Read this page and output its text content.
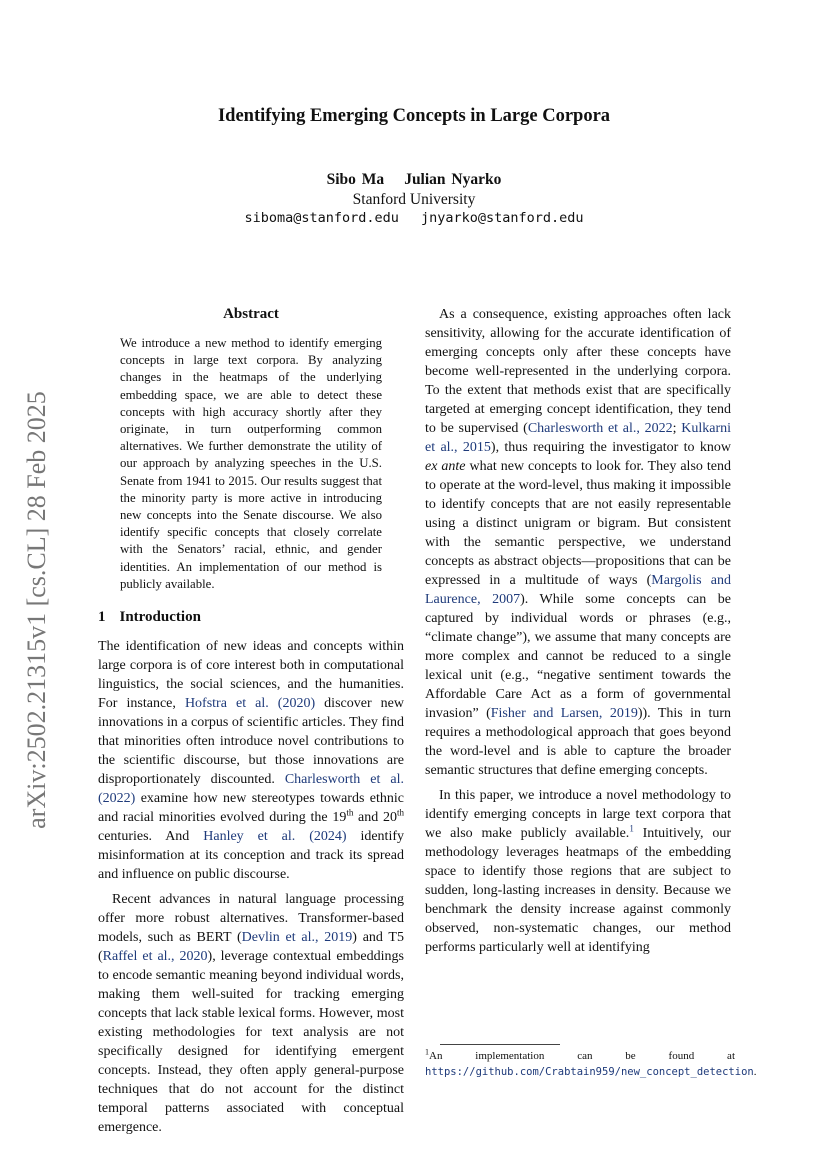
Identifying Emerging Concepts in Large Corpora
Sibo Ma Julian Nyarko
Stanford University
siboma@stanford.edu jnyarko@stanford.edu
arXiv:2502.21315v1 [cs.CL] 28 Feb 2025
Abstract
We introduce a new method to identify emerging concepts in large text corpora. By analyzing changes in the heatmaps of the underlying embedding space, we are able to detect these concepts with high accuracy shortly after they originate, in turn outperforming common alternatives. We further demonstrate the utility of our approach by analyzing speeches in the U.S. Senate from 1941 to 2015. Our results suggest that the minority party is more active in introducing new concepts into the Senate discourse. We also identify specific concepts that closely correlate with the Senators’ racial, ethnic, and gender identities. An implementation of our method is publicly available.
1 Introduction

The identification of new ideas and concepts within large corpora is of core interest both in computational linguistics, the social sciences, and the humanities. For instance, Hofstra et al. (2020) discover new innovations in a corpus of scientific articles. They find that minorities often introduce novel contributions to the scientific discourse, but those innovations are disproportionately discounted. Charlesworth et al. (2022) examine how new stereotypes towards ethnic and racial minorities evolved during the 19th and 20th centuries. And Hanley et al. (2024) identify misinformation at its conception and track its spread and influence on public discourse.

Recent advances in natural language processing offer more robust alternatives. Transformer-based models, such as BERT (Devlin et al., 2019) and T5 (Raffel et al., 2020), leverage contextual embeddings to encode semantic meaning beyond individual words, making them well-suited for tracking emerging concepts that lack stable lexical forms. However, most existing methodologies for text analysis are not specifically designed for identifying emergent concepts. Instead, they often apply general-purpose techniques that do not account for the distinct temporal patterns associated with conceptual emergence.

As a consequence, existing approaches often lack sensitivity, allowing for the accurate identification of emerging concepts only after these concepts have become well-represented in the underlying corpora. To the extent that methods exist that are specifically targeted at emerging concept identification, they tend to be supervised (Charlesworth et al., 2022; Kulkarni et al., 2015), thus requiring the investigator to know ex ante what new concepts to look for. They also tend to operate at the word-level, thus making it impossible to identify concepts that are not easily representable using a distinct unigram or bigram. But consistent with the semantic perspective, we understand concepts as abstract objects—propositions that can be expressed in a multitude of ways (Margolis and Laurence, 2007). While some concepts can be captured by individual words or phrases (e.g., “climate change”), we assume that many concepts are more complex and cannot be reduced to a single lexical unit (e.g., “negative sentiment towards the Affordable Care Act as a form of governmental invasion” (Fisher and Larsen, 2019)). This in turn requires a methodological approach that goes beyond the word-level and is able to capture the broader semantic structures that define emerging concepts.

In this paper, we introduce a novel methodology to identify emerging concepts in large text corpora that we also make publicly available.$^1$ Intuitively, our methodology leverages heatmaps of the embedding space to identify those regions that are subject to sudden, long-lasting increases in density. Because we benchmark the density increase against commonly observed, non-systematic changes, our method performs particularly well at identifying

$^1$An implementation can be found at https://github.com/Crabtain959/new_concept_detection.
